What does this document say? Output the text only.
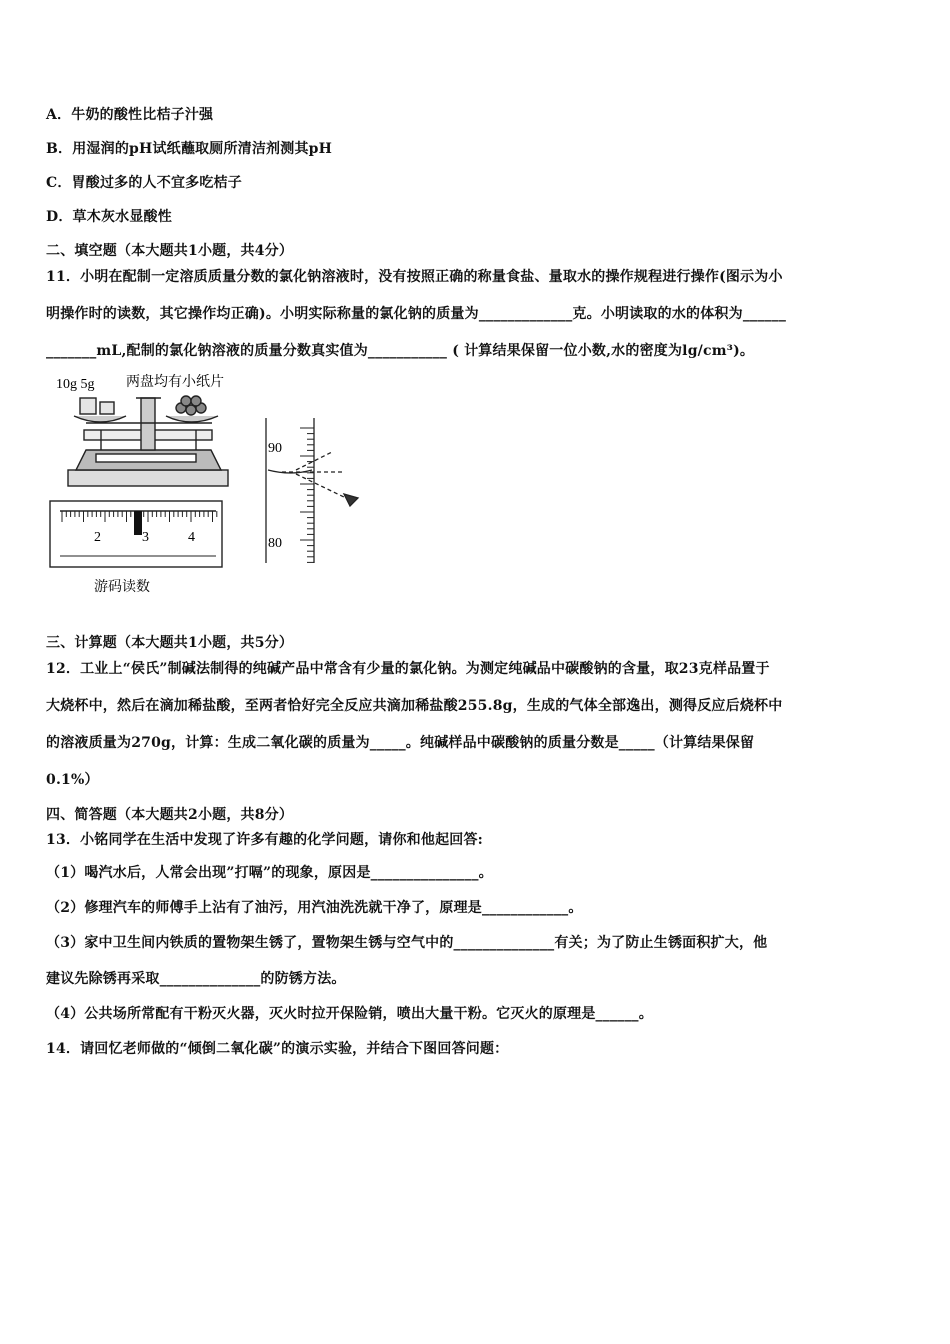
A．牛奶的酸性比桔子汁强
B．用湿润的pH试纸蘸取厕所清洁剂测其pH
C．胃酸过多的人不宜多吃桔子
D．草木灰水显酸性
二、填空题（本大题共1小题，共4分）
11．小明在配制一定溶质质量分数的氯化钠溶液时，没有按照正确的称量食盐、量取水的操作规程进行操作(图示为小
明操作时的读数，其它操作均正确)。小明实际称量的氯化钠的质量为_____________克。小明读取的水的体积为______
_______mL,配制的氯化钠溶液的质量分数真实值为___________ ( 计算结果保留一位小数,水的密度为lg/cm³)。
10g 5g 两盘均有小纸片
2	3	4
游码读数
90
80
三、计算题（本大题共1小题，共5分）
12．工业上“侯氏”制碱法制得的纯碱产品中常含有少量的氯化钠。为测定纯碱品中碳酸钠的含量，取23克样品置于
大烧杯中，然后在滴加稀盐酸，至两者恰好完全反应共滴加稀盐酸255.8g，生成的气体全部逸出，测得反应后烧杯中
的溶液质量为270g，计算：生成二氧化碳的质量为_____。纯碱样品中碳酸钠的质量分数是_____（计算结果保留
0.1%）
四、简答题（本大题共2小题，共8分）
13．小铭同学在生活中发现了许多有趣的化学问题，请你和他起回答:
（1）喝汽水后，人常会出现”打嗝”的现象，原因是_______________。
（2）修理汽车的师傅手上沾有了油污，用汽油洗洗就干净了，原理是____________。
（3）家中卫生间内铁质的置物架生锈了，置物架生锈与空气中的______________有关；为了防止生锈面积扩大，他
建议先除锈再采取______________的防锈方法。
（4）公共场所常配有干粉灭火器，灭火时拉开保险销，喷出大量干粉。它灭火的原理是______。
14．请回忆老师做的“倾倒二氧化碳”的演示实验，并结合下图回答问题：
